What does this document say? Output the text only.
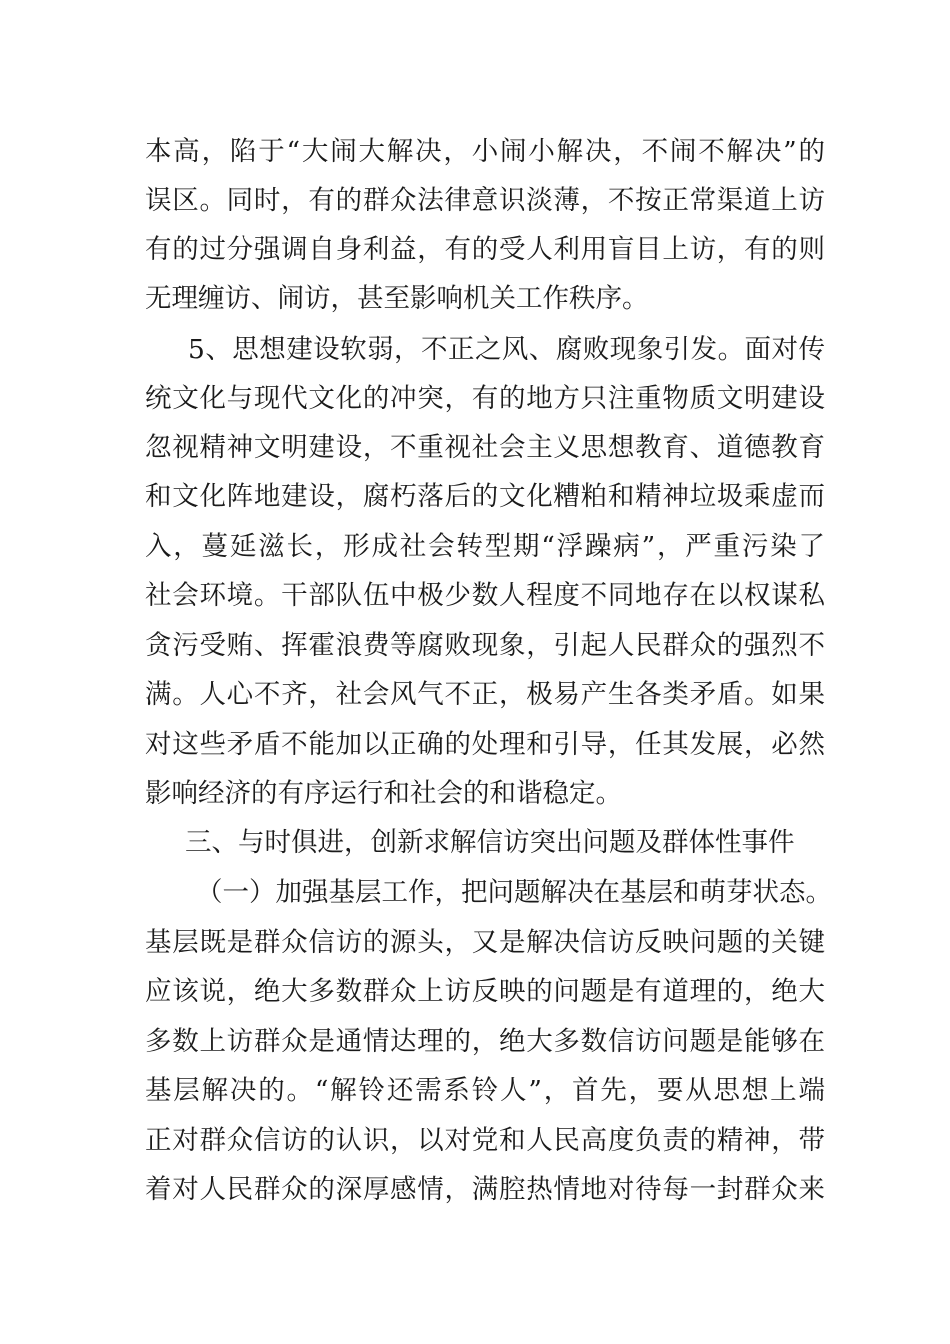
本高，陷于“大闹大解决，小闹小解决，不闹不解决”的
误区。同时，有的群众法律意识淡薄，不按正常渠道上访
有的过分强调自身利益，有的受人利用盲目上访，有的则
无理缠访、闹访，甚至影响机关工作秩序。
5、思想建设软弱，不正之风、腐败现象引发。面对传
统文化与现代文化的冲突，有的地方只注重物质文明建设
忽视精神文明建设，不重视社会主义思想教育、道德教育
和文化阵地建设，腐朽落后的文化糟粕和精神垃圾乘虚而
入，蔓延滋长，形成社会转型期“浮躁病”，严重污染了
社会环境。干部队伍中极少数人程度不同地存在以权谋私
贪污受贿、挥霍浪费等腐败现象，引起人民群众的强烈不
满。人心不齐，社会风气不正，极易产生各类矛盾。如果
对这些矛盾不能加以正确的处理和引导，任其发展，必然
影响经济的有序运行和社会的和谐稳定。
三、与时俱进，创新求解信访突出问题及群体性事件
（一）加强基层工作，把问题解决在基层和萌芽状态。
基层既是群众信访的源头，又是解决信访反映问题的关键
应该说，绝大多数群众上访反映的问题是有道理的，绝大
多数上访群众是通情达理的，绝大多数信访问题是能够在
基层解决的。“解铃还需系铃人”，首先，要从思想上端
正对群众信访的认识，以对党和人民高度负责的精神，带
着对人民群众的深厚感情，满腔热情地对待每一封群众来
